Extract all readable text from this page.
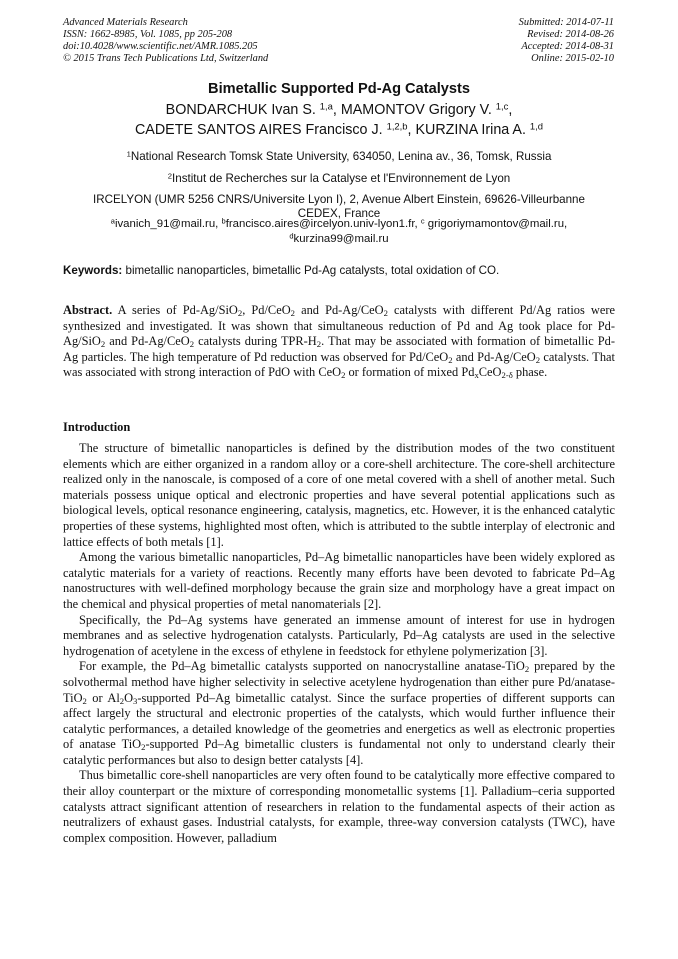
Advanced Materials Research
ISSN: 1662-8985, Vol. 1085, pp 205-208
doi:10.4028/www.scientific.net/AMR.1085.205
© 2015 Trans Tech Publications Ltd, Switzerland
Submitted: 2014-07-11
Revised: 2014-08-26
Accepted: 2014-08-31
Online: 2015-02-10
Bimetallic Supported Pd-Ag Catalysts
BONDARCHUK Ivan S. $^{1,a}$, MAMONTOV Grigory V. $^{1,c}$,
CADETE SANTOS AIRES Francisco J. $^{1,2,b}$, KURZINA Irina A. $^{1,d}$
$^1$National Research Tomsk State University, 634050, Lenina av., 36, Tomsk, Russia
$^2$Institut de Recherches sur la Catalyse et l'Environnement de Lyon
IRCELYON (UMR 5256 CNRS/Universite Lyon I), 2, Avenue Albert Einstein, 69626-Villeurbanne
CEDEX, France
$^a$ivanich_91@mail.ru, $^b$francisco.aires@ircelyon.univ-lyon1.fr, $^c$ grigoriymamontov@mail.ru,
$^d$kurzina99@mail.ru
Keywords: bimetallic nanoparticles, bimetallic Pd-Ag catalysts, total oxidation of CO.

Abstract. A series of Pd-Ag/SiO$_2$, Pd/CeO$_2$ and Pd-Ag/CeO$_2$ catalysts with different Pd/Ag ratios were synthesized and investigated. It was shown that simultaneous reduction of Pd and Ag took place for Pd-Ag/SiO$_2$ and Pd-Ag/CeO$_2$ catalysts during TPR-$H_2$. That may be associated with formation of bimetallic Pd-Ag particles. The high temperature of Pd reduction was observed for Pd/CeO$_2$ and Pd-Ag/CeO$_2$ catalysts. That was associated with strong interaction of PdO with CeO$_2$ or formation of mixed $Pd_xCeO_{2-\delta}$ phase.

Introduction

The structure of bimetallic nanoparticles is defined by the distribution modes of the two constituent elements which are either organized in a random alloy or a core-shell architecture. The core-shell architecture realized only in the nanoscale, is composed of a core of one metal covered with a shell of another metal. Such materials possess unique optical and electronic properties and have several potential applications such as biological levels, optical resonance engineering, catalysis, magnetics, etc. However, it is the enhanced catalytic properties of these systems, highlighted most often, which is attributed to the subtle interplay of electronic and lattice effects of both metals [1].

Among the various bimetallic nanoparticles, Pd–Ag bimetallic nanoparticles have been widely explored as catalytic materials for a variety of reactions. Recently many efforts have been devoted to fabricate Pd–Ag nanostructures with well-defined morphology because the grain size and morphology have a great impact on the chemical and physical properties of metal nanomaterials [2].

Specifically, the Pd–Ag systems have generated an immense amount of interest for use in hydrogen membranes and as selective hydrogenation catalysts. Particularly, Pd–Ag catalysts are used in the selective hydrogenation of acetylene in the excess of ethylene in feedstock for ethylene polymerization [3].

For example, the Pd–Ag bimetallic catalysts supported on nanocrystalline anatase-TiO$_2$ prepared by the solvothermal method have higher selectivity in selective acetylene hydrogenation than either pure Pd/anatase-TiO$_2$ or $Al_2O_3$-supported Pd–Ag bimetallic catalyst. Since the surface properties of different supports can affect largely the structural and electronic properties of the catalysts, which would further influence their catalytic performances, a detailed knowledge of the geometries and energetics as well as electronic properties of anatase TiO$_2$-supported Pd–Ag bimetallic clusters is fundamental not only to understand clearly their catalytic performances but also to design better catalysts [4].

Thus bimetallic core-shell nanoparticles are very often found to be catalytically more effective compared to their alloy counterpart or the mixture of corresponding monometallic systems [1]. Palladium–ceria supported catalysts attract significant attention of researchers in relation to the fundamental aspects of their action as neutralizers of exhaust gases. Industrial catalysts, for example, three-way conversion catalysts (TWC), have complex composition. However, palladium
